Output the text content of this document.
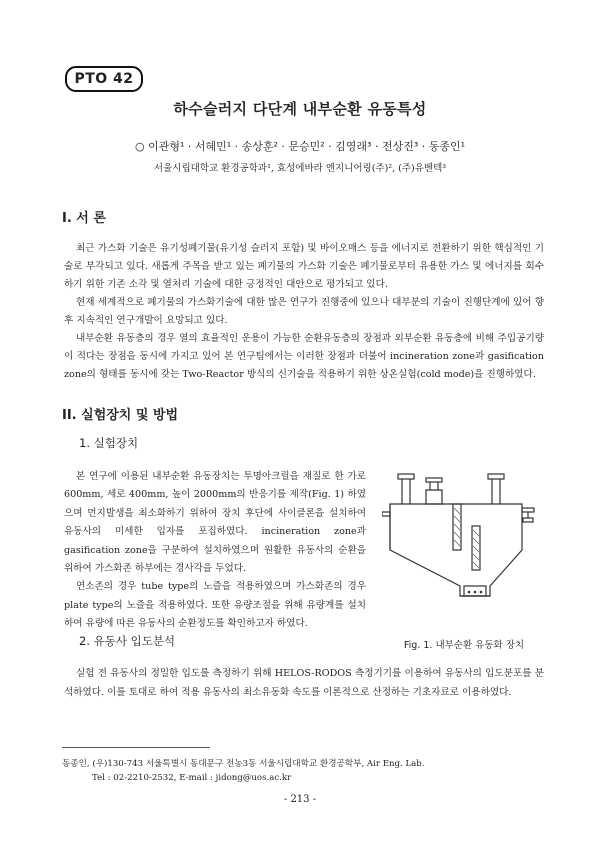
PTO 42
하수슬러지 다단계 내부순환 유동특성
○ 이관형¹ · 서혜민¹ · 송상훈² · 문승민² · 김영래³ · 전상진³ · 동종인¹
서울시립대학교 환경공학과¹, 효성에바라 엔지니어링(주)², (주)유벤텍³
I. 서 론

최근 가스화 기술은 유기성폐기물(유기성 슬러지 포함) 및 바이오매스 등을 에너지로 전환하기 위한 핵심적인 기술로 부각되고 있다. 새롭게 주목을 받고 있는 폐기물의 가스화 기술은 폐기물로부터 유용한 가스 및 에너지를 회수하기 위한 기존 소각 및 열처리 기술에 대한 긍정적인 대안으로 평가되고 있다.

현재 세계적으로 폐기물의 가스화기술에 대한 많은 연구가 진행중에 있으나 대부분의 기술이 진행단계에 있어 향후 지속적인 연구개발이 요망되고 있다.

내부순환 유동층의 경우 열의 효율적인 운용이 가능한 순환유동층의 장점과 외부순환 유동층에 비해 주입공기량이 적다는 장점을 동시에 가지고 있어 본 연구팀에서는 이러한 장점과 더불어 incineration zone과 gasification zone의 형태를 동시에 갖는 Two-Reactor 방식의 신기술을 적용하기 위한 상온실험(cold mode)을 진행하였다.

II. 실험장치 및 방법
1. 실험장치

본 연구에 이용된 내부순환 유동장치는 투명아크릴을 재질로 한 가로 600mm, 세로 400mm, 높이 2000mm의 반응기를 제작(Fig. 1) 하였으며 먼지발생을 최소화하기 위하여 장치 후단에 사이클론을 설치하여 유동사의 미세한 입자를 포집하였다. incineration zone과 gasification zone을 구분하여 설치하였으며 원활한 유동사의 순환을 위하여 가스화존 하부에는 경사각을 두었다.

연소존의 경우 tube type의 노즐을 적용하였으며 가스화존의 경우 plate type의 노즐을 적용하였다. 또한 유량조절을 위해 유량계를 설치하여 유량에 따른 유동사의 순환정도를 확인하고자 하였다.

Fig. 1. 내부순환 유동화 장치
2. 유동사 입도분석

실험 전 유동사의 정밀한 입도를 측정하기 위해 HELOS-RODOS 측정기기를 이용하여 유동사의 입도분포를 분석하였다. 이를 토대로 하여 적용 유동사의 최소유동화 속도를 이론적으로 산정하는 기초자료로 이용하였다.

동종인, (우)130-743 서울특별시 동대문구 전농3동 서울시립대학교 환경공학부, Air Eng. Lab.
Tel : 02-2210-2532, E-mail : jidong@uos.ac.kr
- 213 -
